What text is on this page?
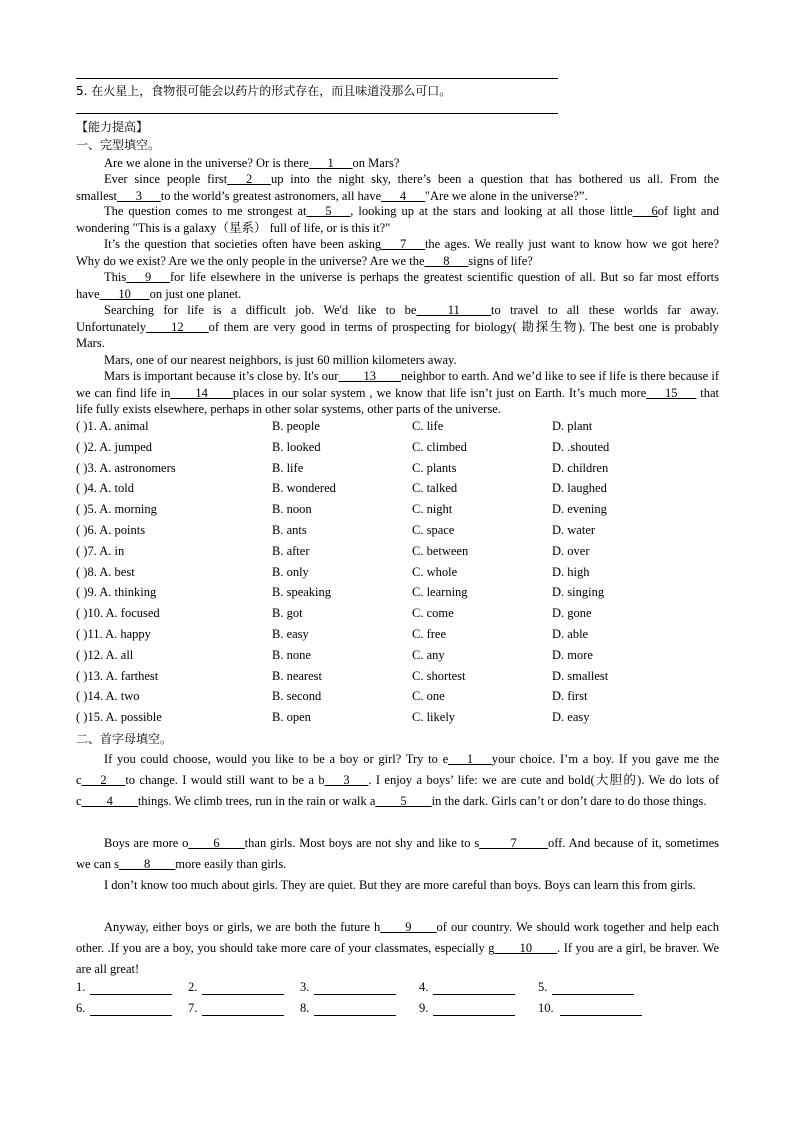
5. 在火星上，食物很可能会以药片的形式存在，而且味道没那么可口。
【能力提高】
一、完型填空。
Are we alone in the universe? Or is there___1___on Mars?
Ever since people first___2___up into the night sky, there’s been a question that has bothered us all. From the smallest___3___to the world’s greatest astronomers, all have___4___"Are we alone in the universe?”.
The question comes to me strongest at___5___, looking up at the stars and looking at all those little___6of light and wondering "This is a galaxy（星系） full of life, or is this it?"
It’s the question that societies often have been asking___7___the ages. We really just want to know how we got here? Why do we exist? Are we the only people in the universe? Are we the___8___signs of life?
This___9___for life elsewhere in the universe is perhaps the greatest scientific question of all. But so far most efforts have___10___on just one planet.
Searching for life is a difficult job. We'd like to be_____11_____to travel to all these worlds far away. Unfortunately____12____of them are very good in terms of prospecting for biology( 勘探生物). The best one is probably Mars.
Mars, one of our nearest neighbors, is just 60 million kilometers away.
Mars is important because it’s close by. It's our____13____neighbor to earth. And we’d like to see if life is there because if we can find life in____14____places in our solar system , we know that life isn’t just on Earth. It’s much more___15___ that life fully exists elsewhere, perhaps in other solar systems, other parts of the universe.
( )1. A. animal	B. people	C. life	D. plant
( )2. A. jumped	B. looked	C. climbed	D. .shouted
( )3. A. astronomers	B. life	C. plants	D. children
( )4. A. told	B. wondered	C. talked	D. laughed
( )5. A. morning	B. noon	C. night	D. evening
( )6. A. points	B. ants	C. space	D. water
( )7. A. in	B. after	C. between	D. over
( )8. A. best	B. only	C. whole	D. high
( )9. A. thinking	B. speaking	C. learning	D. singing
( )10. A. focused	B. got	C. come	D. gone
( )11. A. happy	B. easy	C. free	D. able
( )12. A. all	B. none	C. any	D. more
( )13. A. farthest	B. nearest	C. shortest	D. smallest
( )14. A. two	B. second	C. one	D. first
( )15. A. possible	B. open	C. likely	D. easy
二、首字母填空。
If you could choose, would you like to be a boy or girl? Try to e___1___your choice. I’m a boy. If you gave me the c___2___to change. I would still want to be a b___3___. I enjoy a boys’ life: we are cute and bold(大胆的). We do lots of c____4____things. We climb trees, run in the rain or walk a____5____in the dark. Girls can’t or don’t dare to do those things.
Boys are more o____6____than girls. Most boys are not shy and like to s_____7_____off. And because of it, sometimes we can s____8____more easily than girls.
I don’t know too much about girls. They are quiet. But they are more careful than boys. Boys can learn this from girls.
Anyway, either boys or girls, we are both the future h____9____of our country. We should work together and help each other. .If you are a boy, you should take more care of your classmates, especially g____10____. If you are a girl, be braver. We are all great!
1.	2.	3.	4.	5.
6.	7.	8.	9.	10.
